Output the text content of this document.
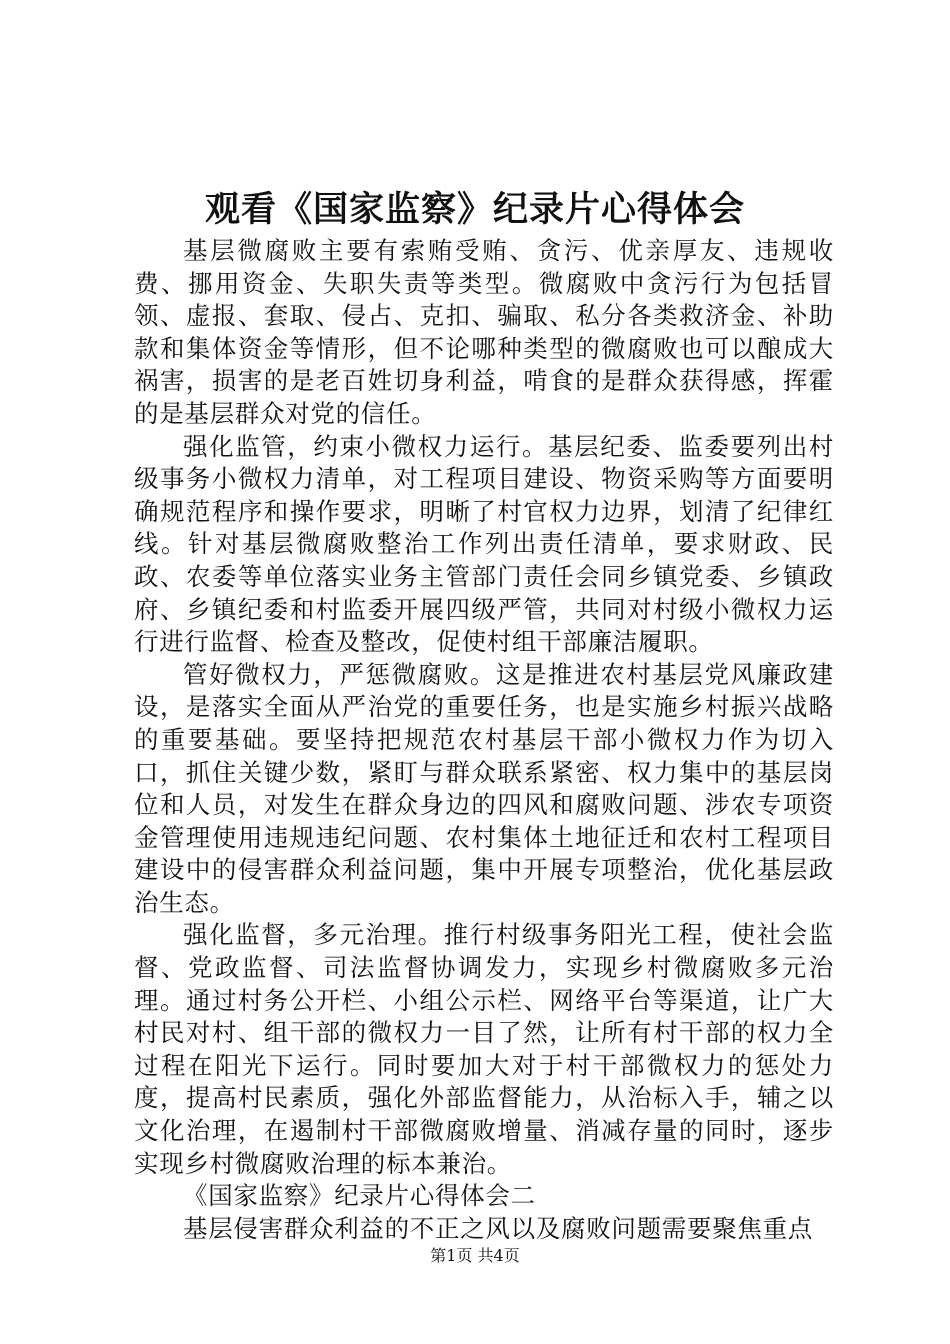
观看《国家监察》纪录片心得体会

基层微腐败主要有索贿受贿、贪污、优亲厚友、违规收费、挪用资金、失职失责等类型。微腐败中贪污行为包括冒领、虚报、套取、侵占、克扣、骗取、私分各类救济金、补助款和集体资金等情形，但不论哪种类型的微腐败也可以酿成大祸害，损害的是老百姓切身利益，啃食的是群众获得感，挥霍的是基层群众对党的信任。

强化监管，约束小微权力运行。基层纪委、监委要列出村级事务小微权力清单，对工程项目建设、物资采购等方面要明确规范程序和操作要求，明晰了村官权力边界，划清了纪律红线。针对基层微腐败整治工作列出责任清单，要求财政、民政、农委等单位落实业务主管部门责任会同乡镇党委、乡镇政府、乡镇纪委和村监委开展四级严管，共同对村级小微权力运行进行监督、检查及整改，促使村组干部廉洁履职。

管好微权力，严惩微腐败。这是推进农村基层党风廉政建设，是落实全面从严治党的重要任务，也是实施乡村振兴战略的重要基础。要坚持把规范农村基层干部小微权力作为切入口，抓住关键少数，紧盯与群众联系紧密、权力集中的基层岗位和人员，对发生在群众身边的四风和腐败问题、涉农专项资金管理使用违规违纪问题、农村集体土地征迁和农村工程项目建设中的侵害群众利益问题，集中开展专项整治，优化基层政治生态。

强化监督，多元治理。推行村级事务阳光工程，使社会监督、党政监督、司法监督协调发力，实现乡村微腐败多元治理。通过村务公开栏、小组公示栏、网络平台等渠道，让广大村民对村、组干部的微权力一目了然，让所有村干部的权力全过程在阳光下运行。同时要加大对于村干部微权力的惩处力度，提高村民素质，强化外部监督能力，从治标入手，辅之以文化治理，在遏制村干部微腐败增量、消减存量的同时，逐步实现乡村微腐败治理的标本兼治。

《国家监察》纪录片心得体会二

基层侵害群众利益的不正之风以及腐败问题需要聚焦重点

第1页 共4页
